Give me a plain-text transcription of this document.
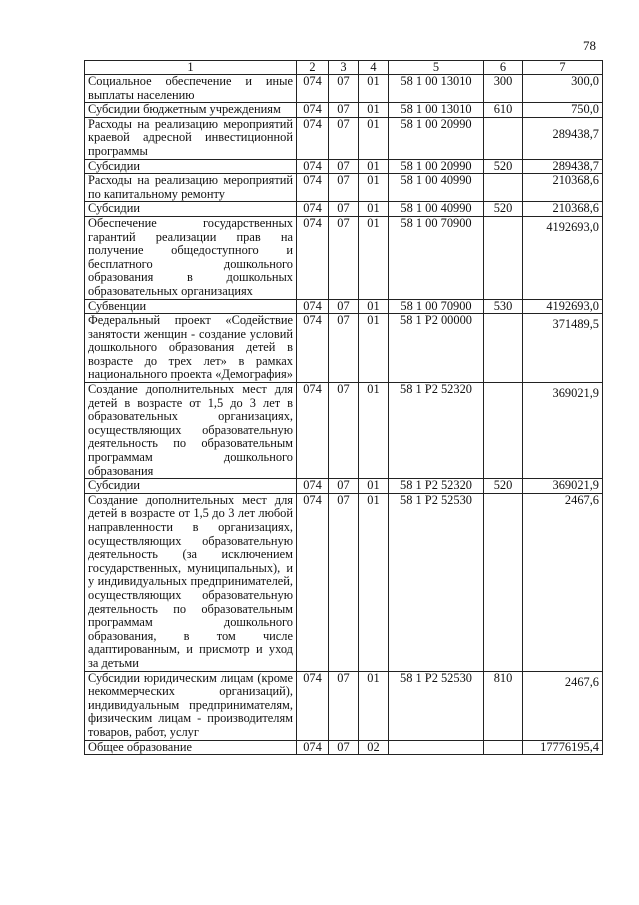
78
1	2	3	4	5	6	7
Социальное обеспечение и иные выплаты населению	074	07	01	58 1 00 13010	300	300,0
Субсидии бюджетным учреждениям	074	07	01	58 1 00 13010	610	750,0
Расходы на реализацию мероприятий краевой адресной инвестиционной программы	074	07	01	58 1 00 20990		289438,7
Субсидии	074	07	01	58 1 00 20990	520	289438,7
Расходы на реализацию мероприятий по капитальному ремонту	074	07	01	58 1 00 40990		210368,6
Субсидии	074	07	01	58 1 00 40990	520	210368,6
Обеспечение государственных гарантий реализации прав на получение общедоступного и бесплатного дошкольного образования в дошкольных образовательных организациях	074	07	01	58 1 00 70900		4192693,0
Субвенции	074	07	01	58 1 00 70900	530	4192693,0
Федеральный проект «Содействие занятости женщин - создание условий дошкольного образования детей в возрасте до трех лет» в рамках национального проекта «Демография»	074	07	01	58 1 P2 00000		371489,5
Создание дополнительных мест для детей в возрасте от 1,5 до 3 лет в образовательных организациях, осуществляющих образовательную деятельность по образовательным программам дошкольного образования	074	07	01	58 1 P2 52320		369021,9
Субсидии	074	07	01	58 1 P2 52320	520	369021,9
Создание дополнительных мест для детей в возрасте от 1,5 до 3 лет любой направленности в организациях, осуществляющих образовательную деятельность (за исключением государственных, муниципальных), и у индивидуальных предпринимателей, осуществляющих образовательную деятельность по образовательным программам дошкольного образования, в том числе адаптированным, и присмотр и уход за детьми	074	07	01	58 1 P2 52530		2467,6
Субсидии юридическим лицам (кроме некоммерческих организаций), индивидуальным предпринимателям, физическим лицам - производителям товаров, работ, услуг	074	07	01	58 1 P2 52530	810	2467,6
Общее образование	074	07	02			17776195,4
